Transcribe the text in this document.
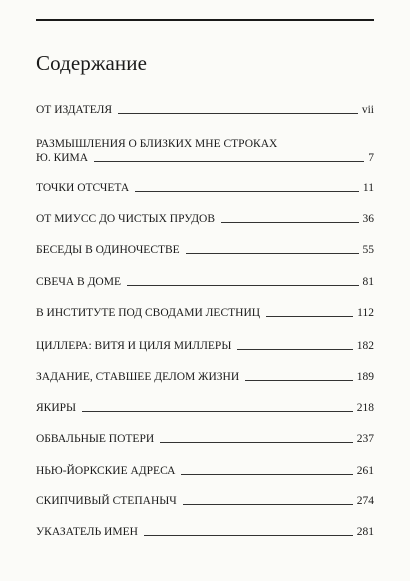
Содержание
ОТ ИЗДАТЕЛЯ	vii
РАЗМЫШЛЕНИЯ О БЛИЗКИХ МНЕ СТРОКАХ
Ю. КИМА	7
ТОЧКИ ОТСЧЕТА	11
ОТ МИУСС ДО ЧИСТЫХ ПРУДОВ	36
БЕСЕДЫ В ОДИНОЧЕСТВЕ	55
СВЕЧА В ДОМЕ	81
В ИНСТИТУТЕ ПОД СВОДАМИ ЛЕСТНИЦ	112
ЦИЛЛЕРА: ВИТЯ И ЦИЛЯ МИЛЛЕРЫ	182
ЗАДАНИЕ, СТАВШЕЕ ДЕЛОМ ЖИЗНИ	189
ЯКИРЫ	218
ОБВАЛЬНЫЕ ПОТЕРИ	237
НЬЮ-ЙОРКСКИЕ АДРЕСА	261
СКИПЧИВЫЙ СТЕПАНЫЧ	274
УКАЗАТЕЛЬ ИМЕН	281
